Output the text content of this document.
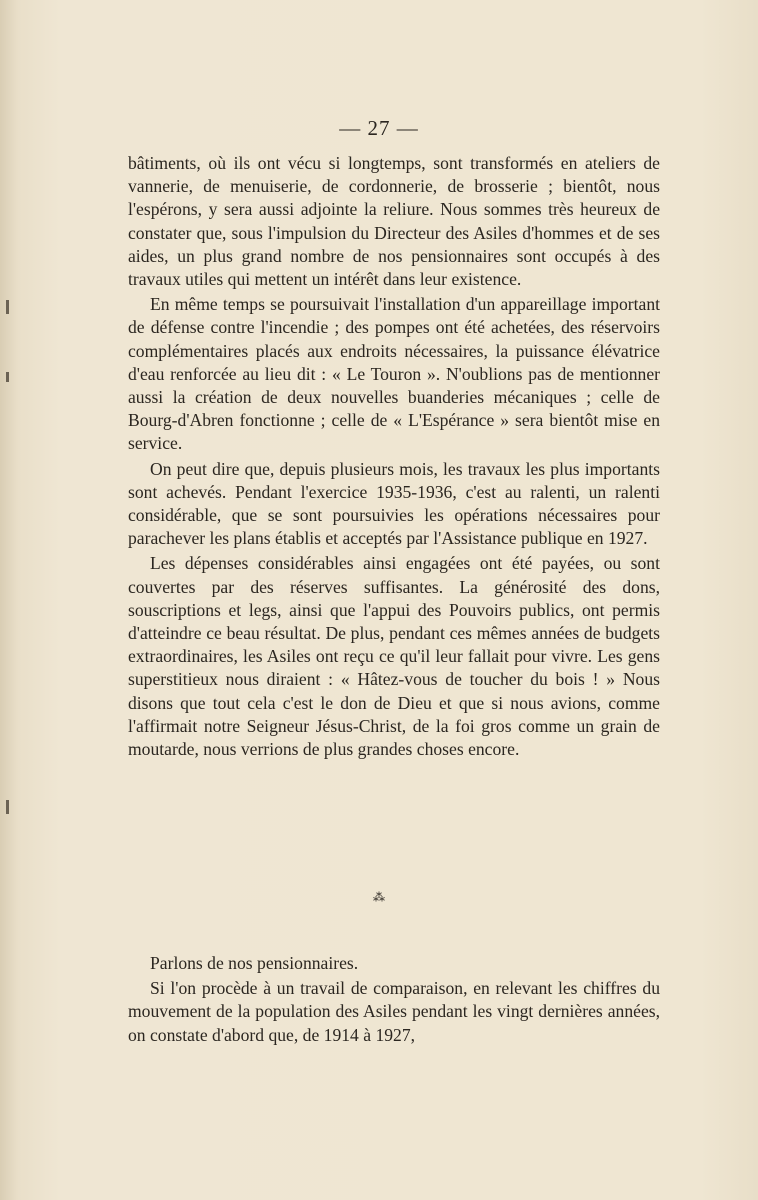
— 27 —

bâtiments, où ils ont vécu si longtemps, sont transformés en ateliers de vannerie, de menuiserie, de cordonnerie, de brosserie ; bientôt, nous l'espérons, y sera aussi adjointe la reliure. Nous sommes très heureux de constater que, sous l'impulsion du Directeur des Asiles d'hommes et de ses aides, un plus grand nombre de nos pensionnaires sont occupés à des travaux utiles qui mettent un intérêt dans leur existence.

En même temps se poursuivait l'installation d'un appareillage important de défense contre l'incendie ; des pompes ont été achetées, des réservoirs complémentaires placés aux endroits nécessaires, la puissance élévatrice d'eau renforcée au lieu dit : « Le Touron ». N'oublions pas de mentionner aussi la création de deux nouvelles buanderies mécaniques ; celle de Bourg-d'Abren fonctionne ; celle de « L'Espérance » sera bientôt mise en service.

On peut dire que, depuis plusieurs mois, les travaux les plus importants sont achevés. Pendant l'exercice 1935-1936, c'est au ralenti, un ralenti considérable, que se sont poursuivies les opérations nécessaires pour parachever les plans établis et acceptés par l'Assistance publique en 1927.

Les dépenses considérables ainsi engagées ont été payées, ou sont couvertes par des réserves suffisantes. La générosité des dons, souscriptions et legs, ainsi que l'appui des Pouvoirs publics, ont permis d'atteindre ce beau résultat. De plus, pendant ces mêmes années de budgets extraordinaires, les Asiles ont reçu ce qu'il leur fallait pour vivre. Les gens superstitieux nous diraient : « Hâtez-vous de toucher du bois ! » Nous disons que tout cela c'est le don de Dieu et que si nous avions, comme l'affirmait notre Seigneur Jésus-Christ, de la foi gros comme un grain de moutarde, nous verrions de plus grandes choses encore.

⁂

Parlons de nos pensionnaires.

Si l'on procède à un travail de comparaison, en relevant les chiffres du mouvement de la population des Asiles pendant les vingt dernières années, on constate d'abord que, de 1914 à 1927,
